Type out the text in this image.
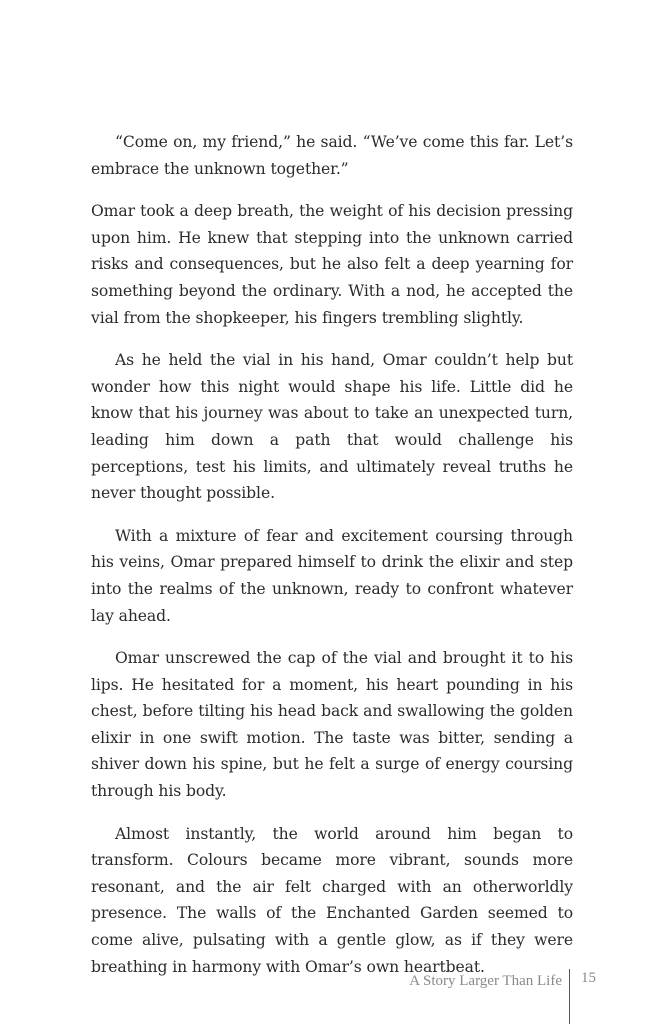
“Come on, my friend,” he said. “We’ve come this far. Let’s embrace the unknown together.”

Omar took a deep breath, the weight of his decision pressing upon him. He knew that stepping into the unknown carried risks and consequences, but he also felt a deep yearning for something beyond the ordinary. With a nod, he accepted the vial from the shopkeeper, his fingers trembling slightly.

As he held the vial in his hand, Omar couldn’t help but wonder how this night would shape his life. Little did he know that his journey was about to take an unexpected turn, leading him down a path that would challenge his perceptions, test his limits, and ultimately reveal truths he never thought possible.

With a mixture of fear and excitement coursing through his veins, Omar prepared himself to drink the elixir and step into the realms of the unknown, ready to confront whatever lay ahead.

Omar unscrewed the cap of the vial and brought it to his lips. He hesitated for a moment, his heart pounding in his chest, before tilting his head back and swallowing the golden elixir in one swift motion. The taste was bitter, sending a shiver down his spine, but he felt a surge of energy coursing through his body.

Almost instantly, the world around him began to transform. Colours became more vibrant, sounds more resonant, and the air felt charged with an otherworldly presence. The walls of the Enchanted Garden seemed to come alive, pulsating with a gentle glow, as if they were breathing in harmony with Omar’s own heartbeat.

A Story Larger Than Life 15
